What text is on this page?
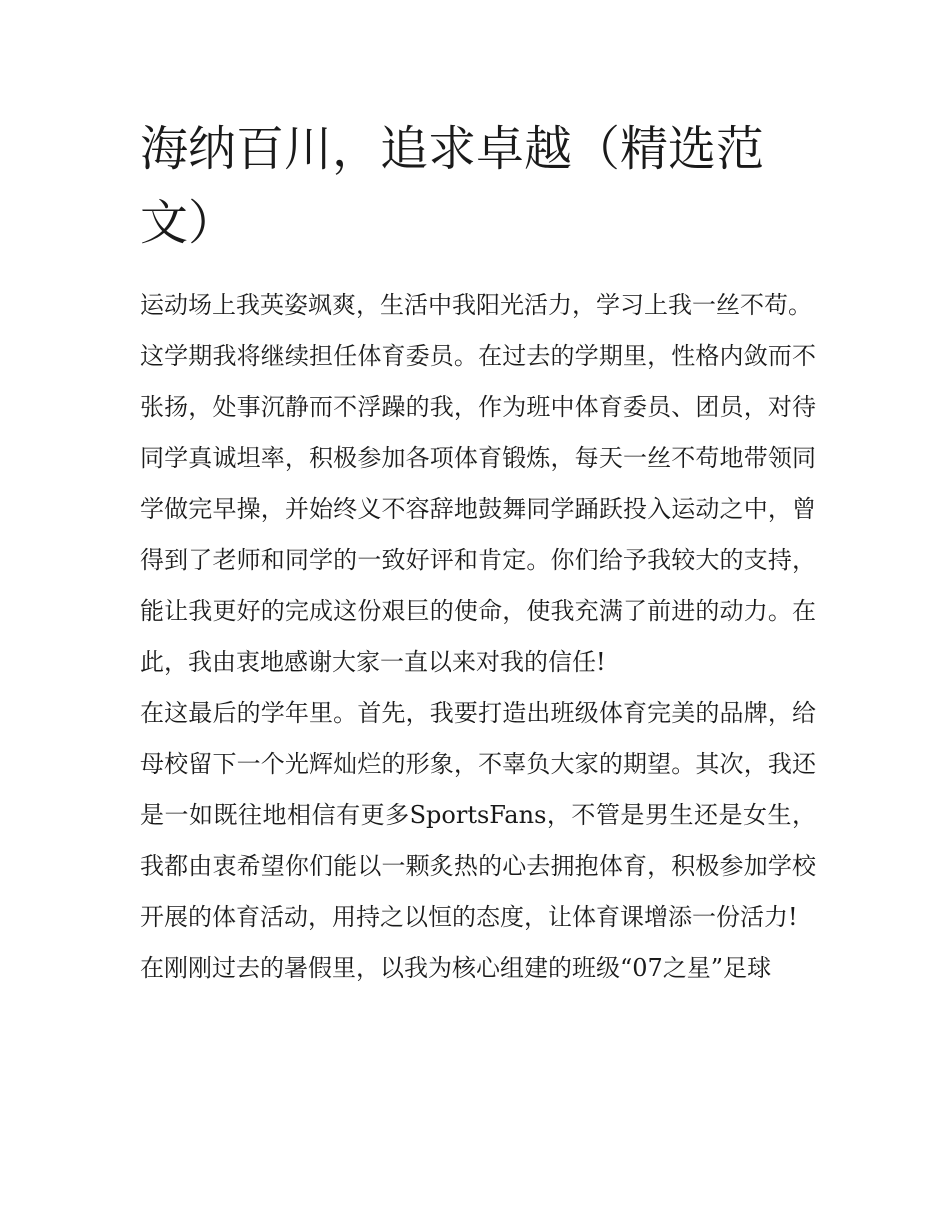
海纳百川，追求卓越（精选范文）

运动场上我英姿飒爽，生活中我阳光活力，学习上我一丝不苟。

这学期我将继续担任体育委员。在过去的学期里，性格内敛而不张扬，处事沉静而不浮躁的我，作为班中体育委员、团员，对待同学真诚坦率，积极参加各项体育锻炼，每天一丝不苟地带领同学做完早操，并始终义不容辞地鼓舞同学踊跃投入运动之中，曾得到了老师和同学的一致好评和肯定。你们给予我较大的支持，能让我更好的完成这份艰巨的使命，使我充满了前进的动力。在此，我由衷地感谢大家一直以来对我的信任!

在这最后的学年里。首先，我要打造出班级体育完美的品牌，给母校留下一个光辉灿烂的形象，不辜负大家的期望。其次，我还是一如既往地相信有更多SportsFans，不管是男生还是女生，我都由衷希望你们能以一颗炙热的心去拥抱体育，积极参加学校开展的体育活动，用持之以恒的态度，让体育课增添一份活力!

在刚刚过去的暑假里，以我为核心组建的班级“07之星”足球
